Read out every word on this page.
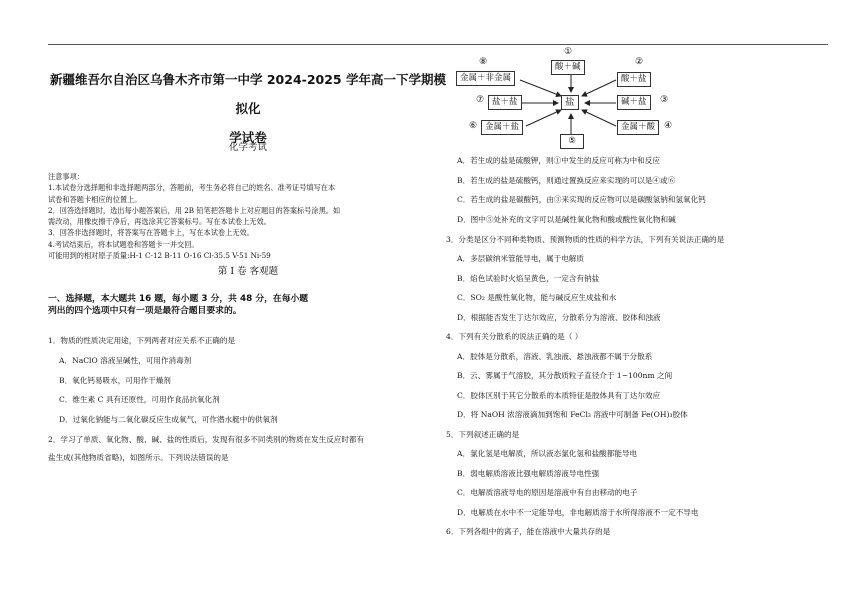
新疆维吾尔自治区乌鲁木齐市第一中学 2024-2025 学年高一下学期模拟化
学试卷
化学考试
注意事项：
1.本试卷分选择题和非选择题两部分，答题前，考生务必将自己的姓名、准考证号填写在本
试卷和答题卡相应的位置上。
2．回答选择题时，选出每小题答案后，用 2B 铅笔把答题卡上对应题目的答案标号涂黑。如
需改动，用橡皮擦干净后，再选涂其它答案标号。写在本试卷上无效。
3．回答非选择题时，将答案写在答题卡上，写在本试卷上无效。
4.考试结束后，将本试题卷和答题卡一并交回。
可能用到的相对原子质量:H-1 C-12 B-11 O-16 Cl-35.5 V-51 Ni-59
第 Ⅰ 卷 客观题
一、选择题，本大题共 16 题，每小题 3 分，共 48 分，在每小题
列出的四个选项中只有一项是最符合题目要求的。
1．物质的性质决定用途，下列两者对应关系不正确的是
A．NaClO 溶液呈碱性，可用作消毒剂
B．氧化钙易吸水，可用作干燥剂
C．维生素 C 具有还原性，可用作食品抗氧化剂
D．过氧化钠能与二氧化碳反应生成氧气，可作潜水艇中的供氧剂
2．学习了单质、氧化物、酸、碱、盐的性质后，发现有很多不同类别的物质在发生反应时都有
盐生成(其他物质省略)，如图所示。下列说法错误的是
①
酸＋碱
⑧
金属＋非金属
②
酸＋盐
⑦ 盐＋盐	盐	碱＋盐	③
⑥ 金属＋盐	金属＋酸 ④
⑤
A．若生成的盐是硫酸钾，则①中发生的反应可称为中和反应
B．若生成的盐是硫酸钙，则通过置换反应来实现的可以是④或⑥
C．若生成的盐是碳酸钙，由③来实现的反应物可以是碳酸氢钠和氢氧化钙
D．图中⑤处补充的文字可以是碱性氧化物和酸或酸性氧化物和碱
3．分类是区分不同种类物质、预测物质的性质的科学方法，下列有关说法正确的是
A．多层碳纳米管能导电，属于电解质
B．焰色试验时火焰呈黄色，一定含有钠盐
C．SO₂ 是酸性氧化物，能与碱反应生成盐和水
D．根据能否发生丁达尔效应，分散系分为溶液、胶体和浊液
4．下列有关分散系的说法正确的是（ ）
A．胶体是分散系，溶液、乳浊液、悬浊液都不属于分散系
B．云、雾属于气溶胶，其分散质粒子直径介于 1~100nm 之间
C．胶体区别于其它分散系的本质特征是胶体具有丁达尔效应
D．将 NaOH 浓溶液滴加到饱和 FeCl₃ 溶液中可制备 Fe(OH)₃胶体
5．下列叙述正确的是
A．氯化氢是电解质，所以液态氯化氢和盐酸都能导电
B．弱电解质溶液比强电解质溶液导电性强
C．电解质溶液导电的原因是溶液中有自由移动的电子
D．电解质在水中不一定能导电，非电解质溶于水所得溶液不一定不导电
6．下列各组中的离子，能在溶液中大量共存的是
